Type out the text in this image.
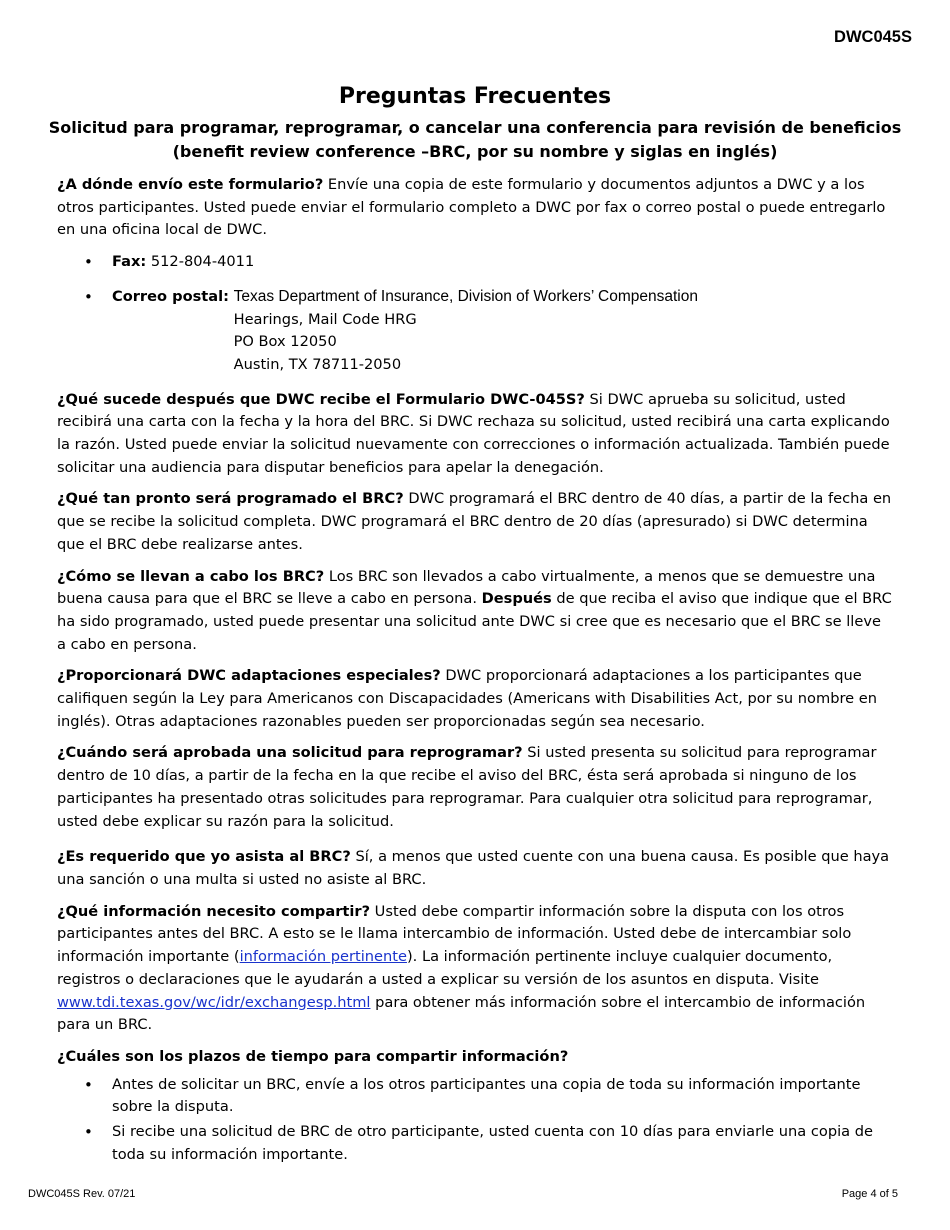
DWC045S
Preguntas Frecuentes
Solicitud para programar, reprogramar, o cancelar una conferencia para revisión de beneficios
(benefit review conference –BRC, por su nombre y siglas en inglés)

¿A dónde envío este formulario? Envíe una copia de este formulario y documentos adjuntos a DWC y a los otros participantes. Usted puede enviar el formulario completo a DWC por fax o correo postal o puede entregarlo en una oficina local de DWC.

• Fax: 512-804-4011
• Correo postal: Texas Department of Insurance, Division of Workers’ Compensation
Hearings, Mail Code HRG
PO Box 12050
Austin, TX 78711-2050

¿Qué sucede después que DWC recibe el Formulario DWC-045S? Si DWC aprueba su solicitud, usted recibirá una carta con la fecha y la hora del BRC. Si DWC rechaza su solicitud, usted recibirá una carta explicando la razón. Usted puede enviar la solicitud nuevamente con correcciones o información actualizada. También puede solicitar una audiencia para disputar beneficios para apelar la denegación.

¿Qué tan pronto será programado el BRC? DWC programará el BRC dentro de 40 días, a partir de la fecha en que se recibe la solicitud completa. DWC programará el BRC dentro de 20 días (apresurado) si DWC determina que el BRC debe realizarse antes.

¿Cómo se llevan a cabo los BRC? Los BRC son llevados a cabo virtualmente, a menos que se demuestre una buena causa para que el BRC se lleve a cabo en persona. Después de que reciba el aviso que indique que el BRC ha sido programado, usted puede presentar una solicitud ante DWC si cree que es necesario que el BRC se lleve a cabo en persona.

¿Proporcionará DWC adaptaciones especiales? DWC proporcionará adaptaciones a los participantes que califiquen según la Ley para Americanos con Discapacidades (Americans with Disabilities Act, por su nombre en inglés). Otras adaptaciones razonables pueden ser proporcionadas según sea necesario.

¿Cuándo será aprobada una solicitud para reprogramar? Si usted presenta su solicitud para reprogramar dentro de 10 días, a partir de la fecha en la que recibe el aviso del BRC, ésta será aprobada si ninguno de los participantes ha presentado otras solicitudes para reprogramar. Para cualquier otra solicitud para reprogramar, usted debe explicar su razón para la solicitud.

¿Es requerido que yo asista al BRC? Sí, a menos que usted cuente con una buena causa. Es posible que haya una sanción o una multa si usted no asiste al BRC.

¿Qué información necesito compartir? Usted debe compartir información sobre la disputa con los otros participantes antes del BRC. A esto se le llama intercambio de información. Usted debe de intercambiar solo información importante (información pertinente). La información pertinente incluye cualquier documento, registros o declaraciones que le ayudarán a usted a explicar su versión de los asuntos en disputa. Visite www.tdi.texas.gov/wc/idr/exchangesp.html para obtener más información sobre el intercambio de información para un BRC.

¿Cuáles son los plazos de tiempo para compartir información?

• Antes de solicitar un BRC, envíe a los otros participantes una copia de toda su información importante sobre la disputa.
• Si recibe una solicitud de BRC de otro participante, usted cuenta con 10 días para enviarle una copia de toda su información importante.
DWC045S Rev. 07/21	Page 4 of 5
